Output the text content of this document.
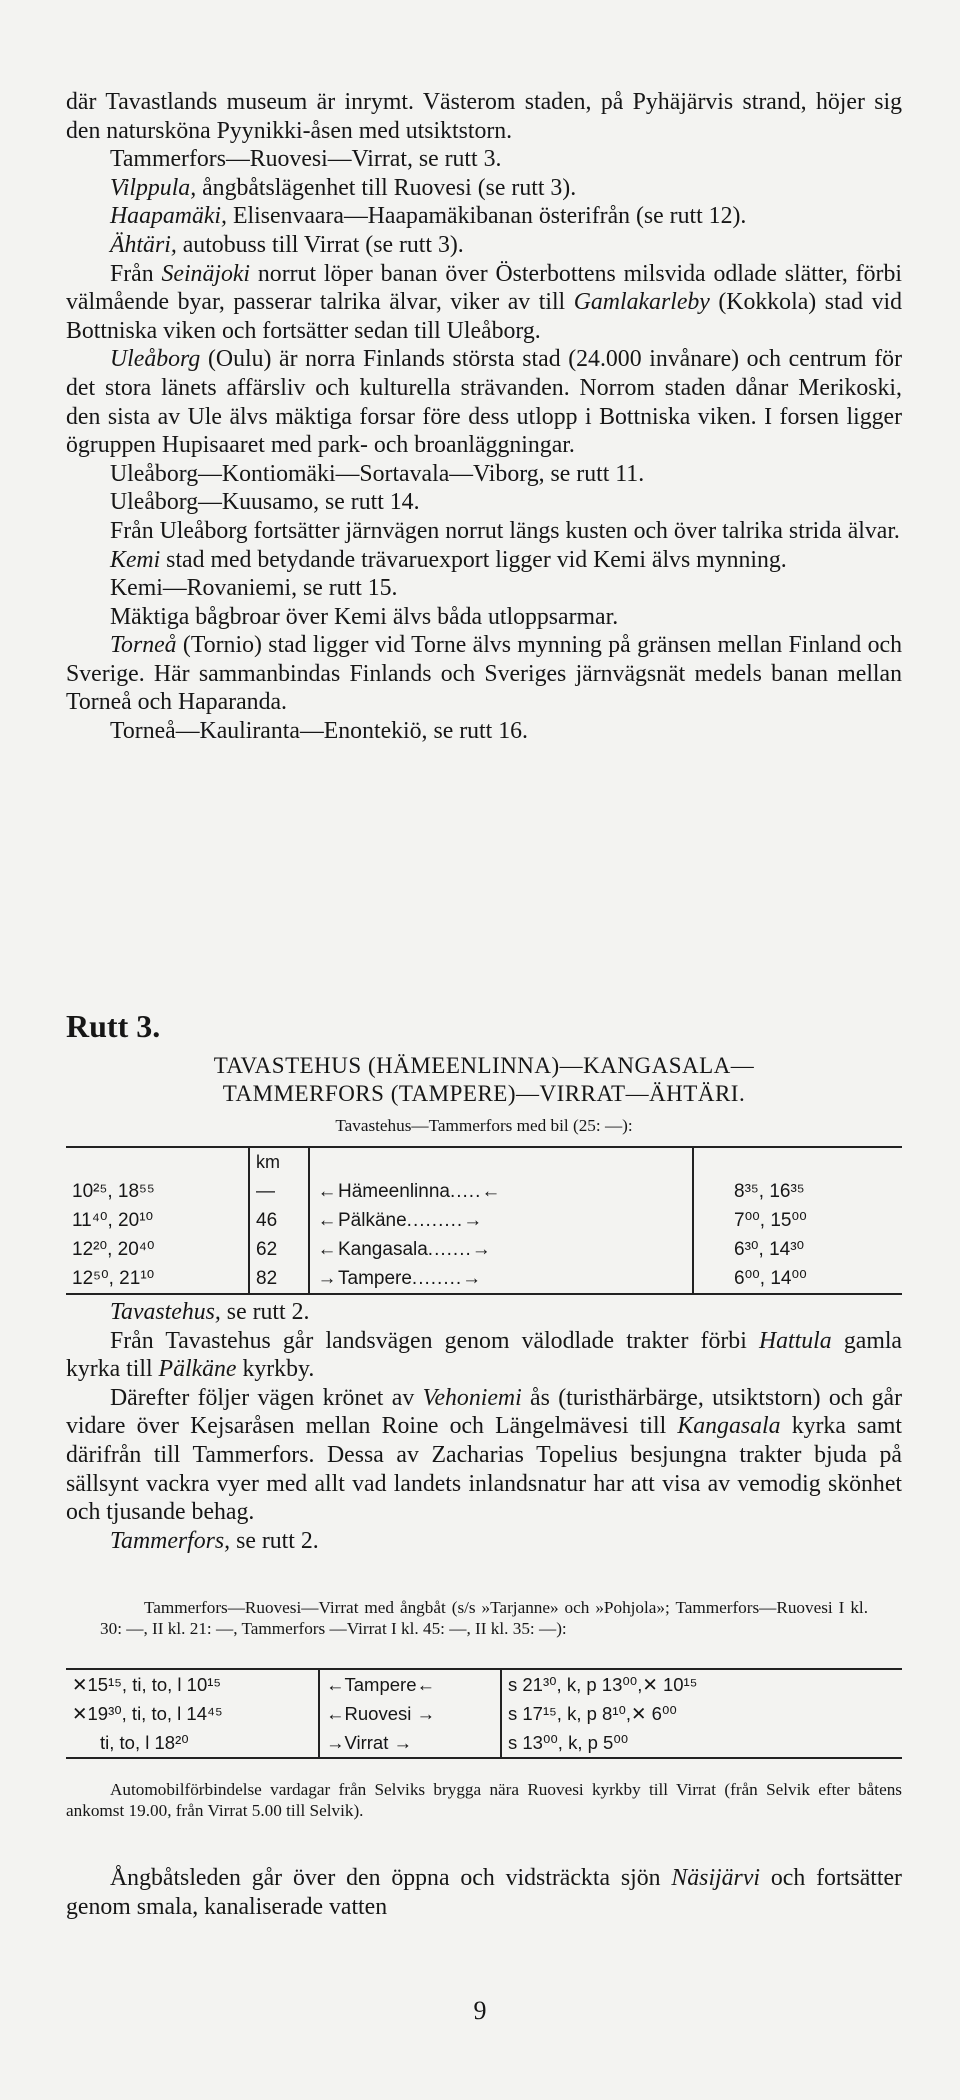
där Tavastlands museum är inrymt. Västerom staden, på Pyhäjärvis strand, höjer sig den natursköna Pyynikki-åsen med utsiktstorn.

Tammerfors—Ruovesi—Virrat, se rutt 3.

Vilppula, ångbåtslägenhet till Ruovesi (se rutt 3).

Haapamäki, Elisenvaara—Haapamäkibanan österifrån (se rutt 12).

Ähtäri, autobuss till Virrat (se rutt 3).

Från Seinäjoki norrut löper banan över Österbottens milsvida odlade slätter, förbi välmående byar, passerar talrika älvar, viker av till Gamlakarleby (Kokkola) stad vid Bottniska viken och fortsätter sedan till Uleåborg.

Uleåborg (Oulu) är norra Finlands största stad (24.000 invånare) och centrum för det stora länets affärsliv och kulturella strävanden. Norrom staden dånar Merikoski, den sista av Ule älvs mäktiga forsar före dess utlopp i Bottniska viken. I forsen ligger ögruppen Hupisaaret med park- och broanläggningar.

Uleåborg—Kontiomäki—Sortavala—Viborg, se rutt 11.

Uleåborg—Kuusamo, se rutt 14.

Från Uleåborg fortsätter järnvägen norrut längs kusten och över talrika strida älvar.

Kemi stad med betydande trävaruexport ligger vid Kemi älvs mynning.

Kemi—Rovaniemi, se rutt 15.

Mäktiga bågbroar över Kemi älvs båda utloppsarmar.

Torneå (Tornio) stad ligger vid Torne älvs mynning på gränsen mellan Finland och Sverige. Här sammanbindas Finlands och Sveriges järnvägsnät medels banan mellan Torneå och Haparanda.

Torneå—Kauliranta—Enontekiö, se rutt 16.

Rutt 3.

TAVASTEHUS (HÄMEENLINNA)—KANGASALA—

TAMMERFORS (TAMPERE)—VIRRAT—ÄHTÄRI.

Tavastehus—Tammerfors med bil (25: —):

	km		
10²⁵, 18⁵⁵	—	←Hämeenlinna.....←	8³⁵, 16³⁵
11⁴⁰, 20¹⁰	46	←Pälkäne.........→	7⁰⁰, 15⁰⁰
12²⁰, 20⁴⁰	62	←Kangasala.......→	6³⁰, 14³⁰
12⁵⁰, 21¹⁰	82	→Tampere........→	6⁰⁰, 14⁰⁰

Tavastehus, se rutt 2.

Från Tavastehus går landsvägen genom välodlade trakter förbi Hattula gamla kyrka till Pälkäne kyrkby.

Därefter följer vägen krönet av Vehoniemi ås (turisthärbärge, utsiktstorn) och går vidare över Kejsaråsen mellan Roine och Längelmävesi till Kangasala kyrka samt därifrån till Tammerfors. Dessa av Zacharias Topelius besjungna trakter bjuda på sällsynt vackra vyer med allt vad landets inlandsnatur har att visa av vemodig skönhet och tjusande behag.

Tammerfors, se rutt 2.

Tammerfors—Ruovesi—Virrat med ångbåt (s/s »Tarjanne» och »Pohjola»; Tammerfors—Ruovesi I kl. 30: —, II kl. 21: —, Tammerfors —Virrat I kl. 45: —, II kl. 35: —):

✕15¹⁵, ti, to, l 10¹⁵	←Tampere←	s 21³⁰, k, p 13⁰⁰,✕ 10¹⁵
✕19³⁰, ti, to, l 14⁴⁵	←Ruovesi →	s 17¹⁵, k, p 8¹⁰,✕ 6⁰⁰
ti, to, l 18²⁰	→Virrat →	s 13⁰⁰, k, p 5⁰⁰

Automobilförbindelse vardagar från Selviks brygga nära Ruovesi kyrkby till Virrat (från Selvik efter båtens ankomst 19.00, från Virrat 5.00 till Selvik).

Ångbåtsleden går över den öppna och vidsträckta sjön Näsijärvi och fortsätter genom smala, kanaliserade vatten

9
